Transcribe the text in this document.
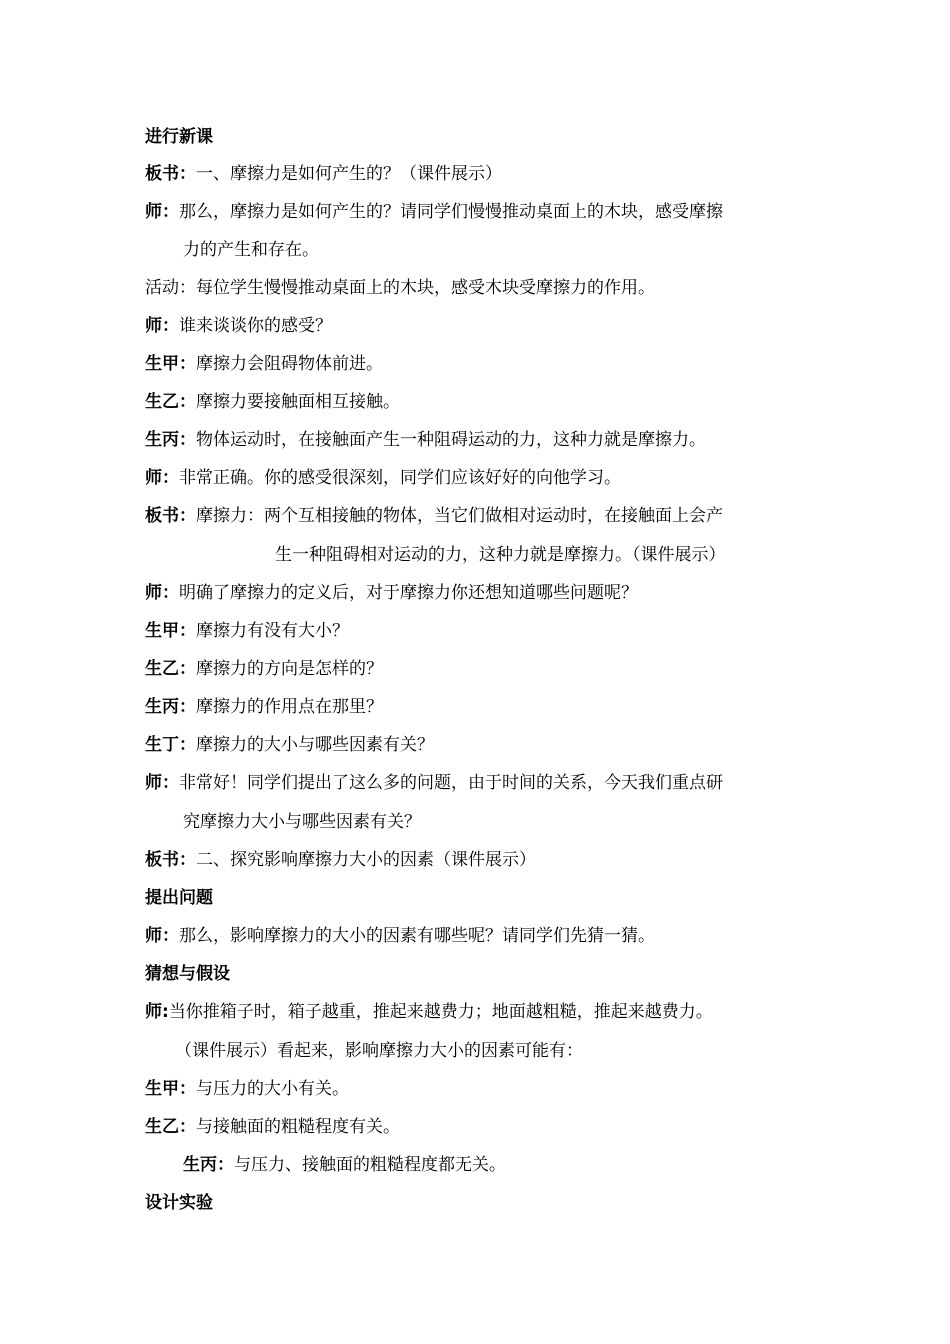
进行新课
板书：一、摩擦力是如何产生的？（课件展示）
师：那么，摩擦力是如何产生的？请同学们慢慢推动桌面上的木块，感受摩擦
力的产生和存在。
活动：每位学生慢慢推动桌面上的木块，感受木块受摩擦力的作用。
师：谁来谈谈你的感受？
生甲：摩擦力会阻碍物体前进。
生乙：摩擦力要接触面相互接触。
生丙：物体运动时，在接触面产生一种阻碍运动的力，这种力就是摩擦力。
师：非常正确。你的感受很深刻，同学们应该好好的向他学习。
板书：摩擦力：两个互相接触的物体，当它们做相对运动时，在接触面上会产
生一种阻碍相对运动的力，这种力就是摩擦力。（课件展示）
师：明确了摩擦力的定义后，对于摩擦力你还想知道哪些问题呢？
生甲：摩擦力有没有大小？
生乙：摩擦力的方向是怎样的？
生丙：摩擦力的作用点在那里？
生丁：摩擦力的大小与哪些因素有关？
师：非常好！同学们提出了这么多的问题，由于时间的关系，今天我们重点研
究摩擦力大小与哪些因素有关？
板书：二、探究影响摩擦力大小的因素（课件展示）
提出问题
师：那么，影响摩擦力的大小的因素有哪些呢？请同学们先猜一猜。
猜想与假设
师:当你推箱子时，箱子越重，推起来越费力；地面越粗糙，推起来越费力。
（课件展示）看起来，影响摩擦力大小的因素可能有：
生甲：与压力的大小有关。
生乙：与接触面的粗糙程度有关。
生丙：与压力、接触面的粗糙程度都无关。
设计实验
